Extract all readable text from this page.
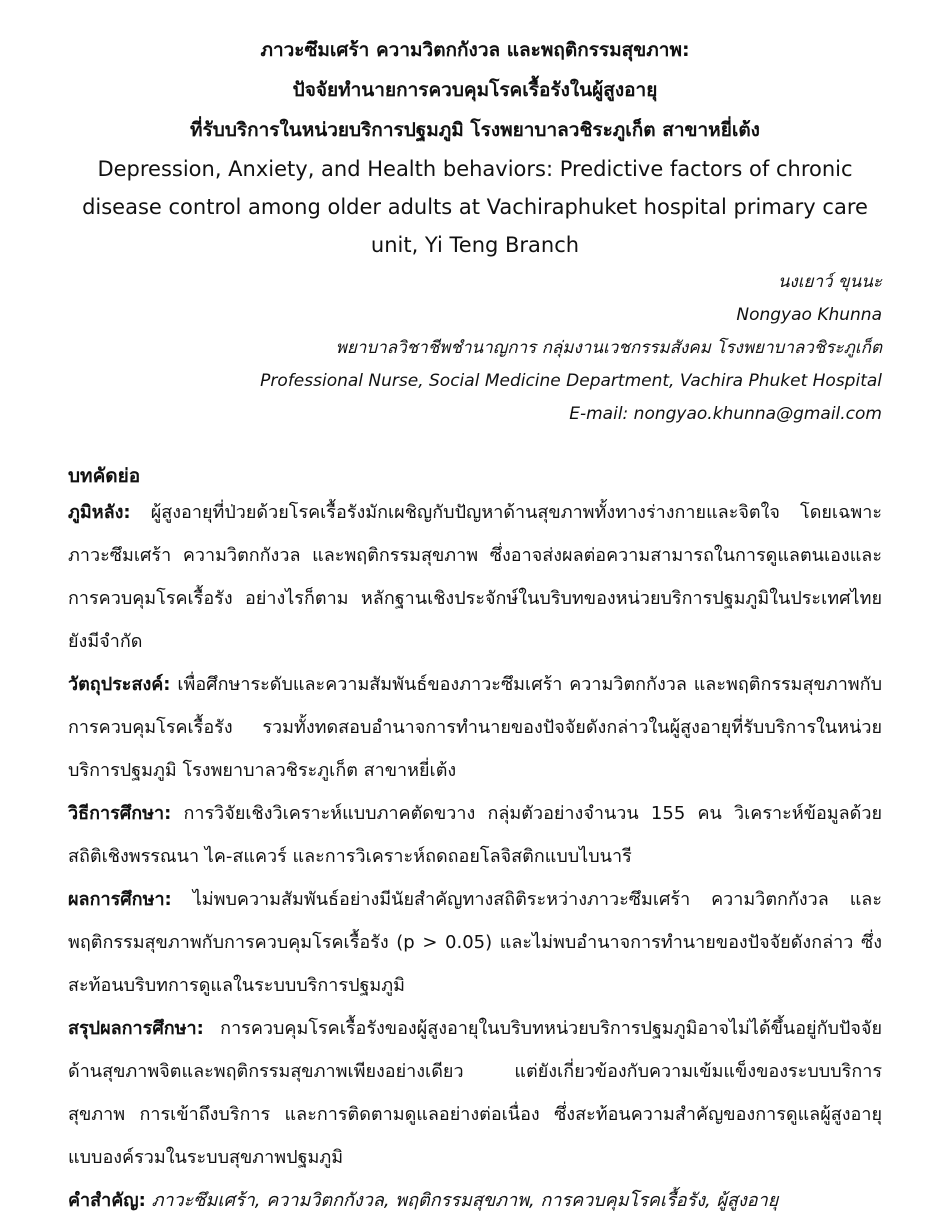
ภาวะซึมเศร้า ความวิตกกังวล และพฤติกรรมสุขภาพ:

ปัจจัยทำนายการควบคุมโรคเรื้อรังในผู้สูงอายุ

ที่รับบริการในหน่วยบริการปฐมภูมิ โรงพยาบาลวชิระภูเก็ต สาขาหยี่เต้ง

Depression, Anxiety, and Health behaviors: Predictive factors of chronic disease control among older adults at Vachiraphuket hospital primary care unit, Yi Teng Branch

นงเยาว์ ขุนนะ
Nongyao Khunna
พยาบาลวิชาชีพชำนาญการ กลุ่มงานเวชกรรมสังคม โรงพยาบาลวชิระภูเก็ต
Professional Nurse, Social Medicine Department, Vachira Phuket Hospital
E-mail: nongyao.khunna@gmail.com
บทคัดย่อ

ภูมิหลัง: ผู้สูงอายุที่ป่วยด้วยโรคเรื้อรังมักเผชิญกับปัญหาด้านสุขภาพทั้งทางร่างกายและจิตใจ โดยเฉพาะภาวะซึมเศร้า ความวิตกกังวล และพฤติกรรมสุขภาพ ซึ่งอาจส่งผลต่อความสามารถในการดูแลตนเองและการควบคุมโรคเรื้อรัง อย่างไรก็ตาม หลักฐานเชิงประจักษ์ในบริบทของหน่วยบริการปฐมภูมิในประเทศไทยยังมีจำกัด

วัตถุประสงค์: เพื่อศึกษาระดับและความสัมพันธ์ของภาวะซึมเศร้า ความวิตกกังวล และพฤติกรรมสุขภาพกับการควบคุมโรคเรื้อรัง รวมทั้งทดสอบอำนาจการทำนายของปัจจัยดังกล่าวในผู้สูงอายุที่รับบริการในหน่วยบริการปฐมภูมิ โรงพยาบาลวชิระภูเก็ต สาขาหยี่เต้ง

วิธีการศึกษา: การวิจัยเชิงวิเคราะห์แบบภาคตัดขวาง กลุ่มตัวอย่างจำนวน 155 คน วิเคราะห์ข้อมูลด้วยสถิติเชิงพรรณนา ไค-สแควร์ และการวิเคราะห์ถดถอยโลจิสติกแบบไบนารี

ผลการศึกษา: ไม่พบความสัมพันธ์อย่างมีนัยสำคัญทางสถิติระหว่างภาวะซึมเศร้า ความวิตกกังวล และพฤติกรรมสุขภาพกับการควบคุมโรคเรื้อรัง (p > 0.05) และไม่พบอำนาจการทำนายของปัจจัยดังกล่าว ซึ่งสะท้อนบริบทการดูแลในระบบบริการปฐมภูมิ

สรุปผลการศึกษา: การควบคุมโรคเรื้อรังของผู้สูงอายุในบริบทหน่วยบริการปฐมภูมิอาจไม่ได้ขึ้นอยู่กับปัจจัยด้านสุขภาพจิตและพฤติกรรมสุขภาพเพียงอย่างเดียว แต่ยังเกี่ยวข้องกับความเข้มแข็งของระบบบริการสุขภาพ การเข้าถึงบริการ และการติดตามดูแลอย่างต่อเนื่อง ซึ่งสะท้อนความสำคัญของการดูแลผู้สูงอายุแบบองค์รวมในระบบสุขภาพปฐมภูมิ

คำสำคัญ: ภาวะซึมเศร้า, ความวิตกกังวล, พฤติกรรมสุขภาพ, การควบคุมโรคเรื้อรัง, ผู้สูงอายุ
